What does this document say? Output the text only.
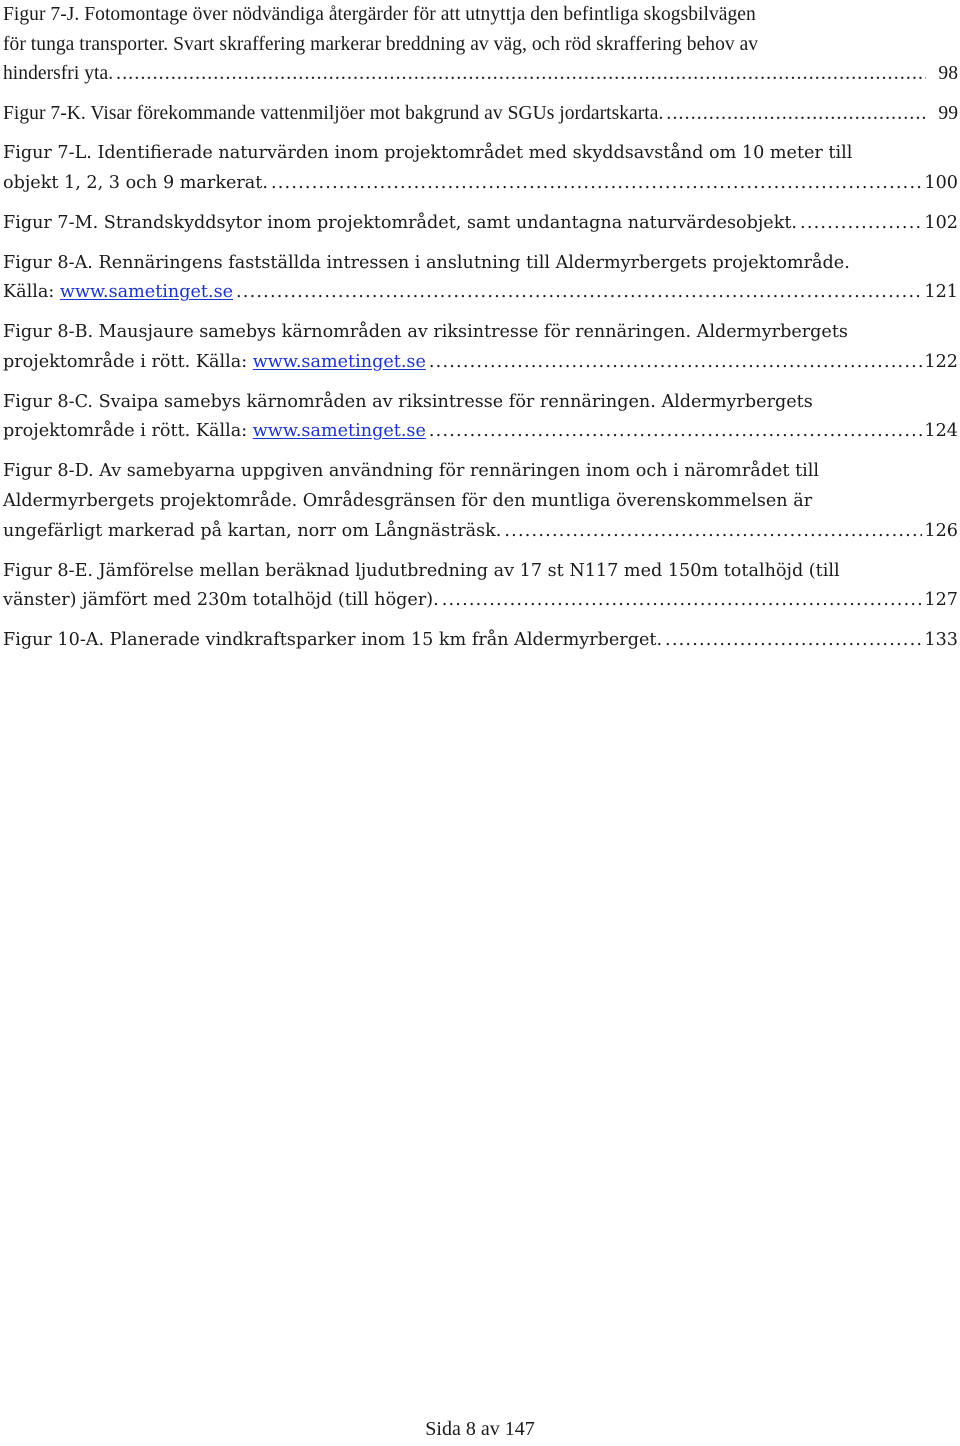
Figur 7-J. Fotomontage över nödvändiga återgärder för att utnyttja den befintliga skogsbilvägen
för tunga transporter. Svart skraffering markerar breddning av väg, och röd skraffering behov av
hindersfri yta. .....	98
Figur 7-K. Visar förekommande vattenmiljöer mot bakgrund av SGUs jordartskarta. .....	99
Figur 7-L. Identifierade naturvärden inom projektområdet med skyddsavstånd om 10 meter till
objekt 1, 2, 3 och 9 markerat. .....	100
Figur 7-M. Strandskyddsytor inom projektområdet, samt undantagna naturvärdesobjekt. .....	102
Figur 8-A. Rennäringens fastställda intressen i anslutning till Aldermyrbergets projektområde.
Källa: www.sametinget.se .....	121
Figur 8-B. Mausjaure samebys kärnområden av riksintresse för rennäringen. Aldermyrbergets
projektområde i rött. Källa: www.sametinget.se .....	122
Figur 8-C. Svaipa samebys kärnområden av riksintresse för rennäringen. Aldermyrbergets
projektområde i rött. Källa: www.sametinget.se .....	124
Figur 8-D. Av samebyarna uppgiven användning för rennäringen inom och i närområdet till
Aldermyrbergets projektområde. Områdesgränsen för den muntliga överenskommelsen är
ungefärligt markerad på kartan, norr om Långnästräsk. .....	126
Figur 8-E. Jämförelse mellan beräknad ljudutbredning av 17 st N117 med 150m totalhöjd (till
vänster) jämfört med 230m totalhöjd (till höger). .....	127
Figur 10-A. Planerade vindkraftsparker inom 15 km från Aldermyrberget. .....	133
Sida 8 av 147
